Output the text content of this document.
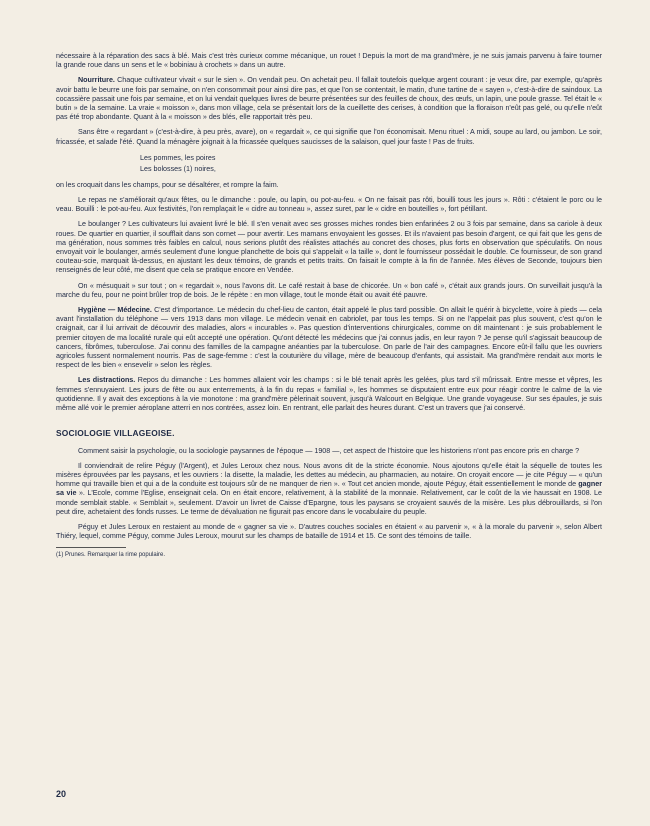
nécessaire à la réparation des sacs à blé. Mais c'est très curieux comme mécanique, un rouet ! Depuis la mort de ma grand'mère, je ne suis jamais parvenu à faire tourner la grande roue dans un sens et le « bobiniau à crochets » dans un autre.

Nourriture. Chaque cultivateur vivait « sur le sien ». On vendait peu. On achetait peu. Il fallait toutefois quelque argent courant : je veux dire, par exemple, qu'après avoir battu le beurre une fois par semaine, on n'en consommait pour ainsi dire pas, et que l'on se contentait, le matin, d'une tartine de « sayen », c'est-à-dire de saindoux. La cocassière passait une fois par semaine, et on lui vendait quelques livres de beurre présentées sur des feuilles de choux, des œufs, un lapin, une poule grasse. Tel était le « butin » de la semaine. La vraie « moisson », dans mon village, cela se présentait lors de la cueillette des cerises, à condition que la floraison n'eût pas gelé, ou qu'elle n'eût pas été trop abondante. Quant à la « moisson » des blés, elle rapportait très peu.

Sans être « regardant » (c'est-à-dire, à peu près, avare), on « regardait », ce qui signifie que l'on économisait. Menu rituel : A midi, soupe au lard, ou jambon. Le soir, fricassée, et salade l'été. Quand la ménagère joignait à la fricassée quelques saucisses de la salaison, quel jour faste ! Pas de fruits.

Les pommes, les poires
Les bolosses (1) noires,

on les croquait dans les champs, pour se désaltérer, et rompre la faim.

Le repas ne s'améliorait qu'aux fêtes, ou le dimanche : poule, ou lapin, ou pot-au-feu. « On ne faisait pas rôti, bouilli tous les jours ». Rôti : c'étaient le porc ou le veau. Bouilli : le pot-au-feu. Aux festivités, l'on remplaçait le « cidre au tonneau », assez suret, par le « cidre en bouteilles », fort pétillant.

Le boulanger ? Les cultivateurs lui avaient livré le blé. Il s'en venait avec ses grosses miches rondes bien enfarinées 2 ou 3 fois par semaine, dans sa cariole à deux roues. De quartier en quartier, il soufflait dans son cornet — pour avertir. Les mamans envoyaient les gosses. Et ils n'avaient pas besoin d'argent, ce qui fait que les gens de ma génération, nous sommes très faibles en calcul, nous serions plutôt des réalistes attachés au concret des choses, plus forts en observation que spéculatifs. On nous envoyait voir le boulanger, armés seulement d'une longue planchette de bois qui s'appelait « la taille », dont le fournisseur possédait le double. Ce fournisseur, de son grand couteau-scie, marquait là-dessus, en ajustant les deux témoins, de grands et petits traits. On faisait le compte à la fin de l'année. Mes élèves de Seconde, toujours bien renseignés de leur côté, me disent que cela se pratique encore en Vendée.

On « mésuquait » sur tout ; on « regardait », nous l'avons dit. Le café restait à base de chicorée. Un « bon café », c'était aux grands jours. On surveillait jusqu'à la marche du feu, pour ne point brûler trop de bois. Je le répète : en mon village, tout le monde était ou avait été pauvre.

Hygiène — Médecine. C'est d'importance. Le médecin du chef-lieu de canton, était appelé le plus tard possible. On allait le quérir à bicyclette, voire à pieds — cela avant l'installation du téléphone — vers 1913 dans mon village. Le médecin venait en cabriolet, par tous les temps. Si on ne l'appelait pas plus souvent, c'est qu'on le craignait, car il lui arrivait de découvrir des maladies, alors « incurables ». Pas question d'interventions chirurgicales, comme on dit maintenant : je suis probablement le premier citoyen de ma localité rurale qui eût accepté une opération. Qu'ont détecté les médecins que j'ai connus jadis, en leur rayon ? Je pense qu'il s'agissait beaucoup de cancers, fibrômes, tuberculose. J'ai connu des familles de la campagne anéanties par la tuberculose. On parle de l'air des campagnes. Encore eût-il fallu que les ouvriers agricoles fussent normalement nourris. Pas de sage-femme : c'est la couturière du village, mère de beaucoup d'enfants, qui assistait. Ma grand'mère rendait aux morts le respect de les bien « ensevelir » selon les règles.

Les distractions. Repos du dimanche : Les hommes allaient voir les champs : si le blé tenait après les gelées, plus tard s'il mûrissait. Entre messe et vêpres, les femmes s'ennuyaient. Les jours de fête ou aux enterrements, à la fin du repas « familial », les hommes se disputaient entre eux pour réagir contre le calme de la vie quotidienne. Il y avait des exceptions à la vie monotone : ma grand'mère pèlerinait souvent, jusqu'à Walcourt en Belgique. Une grande voyageuse. Sur ses épaules, je suis même allé voir le premier aéroplane atterri en nos contrées, assez loin. En rentrant, elle parlait des heures durant. C'est un travers que j'ai conservé.

SOCIOLOGIE VILLAGEOISE.

Comment saisir la psychologie, ou la sociologie paysannes de l'époque — 1908 —, cet aspect de l'histoire que les historiens n'ont pas encore pris en charge ?

Il conviendrait de relire Péguy (l'Argent), et Jules Leroux chez nous. Nous avons dit de la stricte économie. Nous ajoutons qu'elle était la séquelle de toutes les misères éprouvées par les paysans, et les ouvriers : la disette, la maladie, les dettes au médecin, au pharmacien, au notaire. On croyait encore — je cite Péguy — « qu'un homme qui travaille bien et qui a de la conduite est toujours sûr de ne manquer de rien ». « Tout cet ancien monde, ajoute Péguy, était essentiellement le monde de gagner sa vie ». L'Ecole, comme l'Eglise, enseignait cela. On en était encore, relativement, à la stabilité de la monnaie. Relativement, car le coût de la vie haussait en 1908. Le monde semblait stable. « Semblait », seulement. D'avoir un livret de Caisse d'Epargne, tous les paysans se croyaient sauvés de la misère. Les plus débrouillards, si l'on peut dire, achetaient des fonds russes. Le terme de dévaluation ne figurait pas encore dans le vocabulaire du peuple.

Péguy et Jules Leroux en restaient au monde de « gagner sa vie ». D'autres couches sociales en étaient « au parvenir », « à la morale du parvenir », selon Albert Thiéry, lequel, comme Péguy, comme Jules Leroux, mourut sur les champs de bataille de 1914 et 15. Ce sont des témoins de taille.

(1) Prunes. Remarquer la rime populaire.

20
